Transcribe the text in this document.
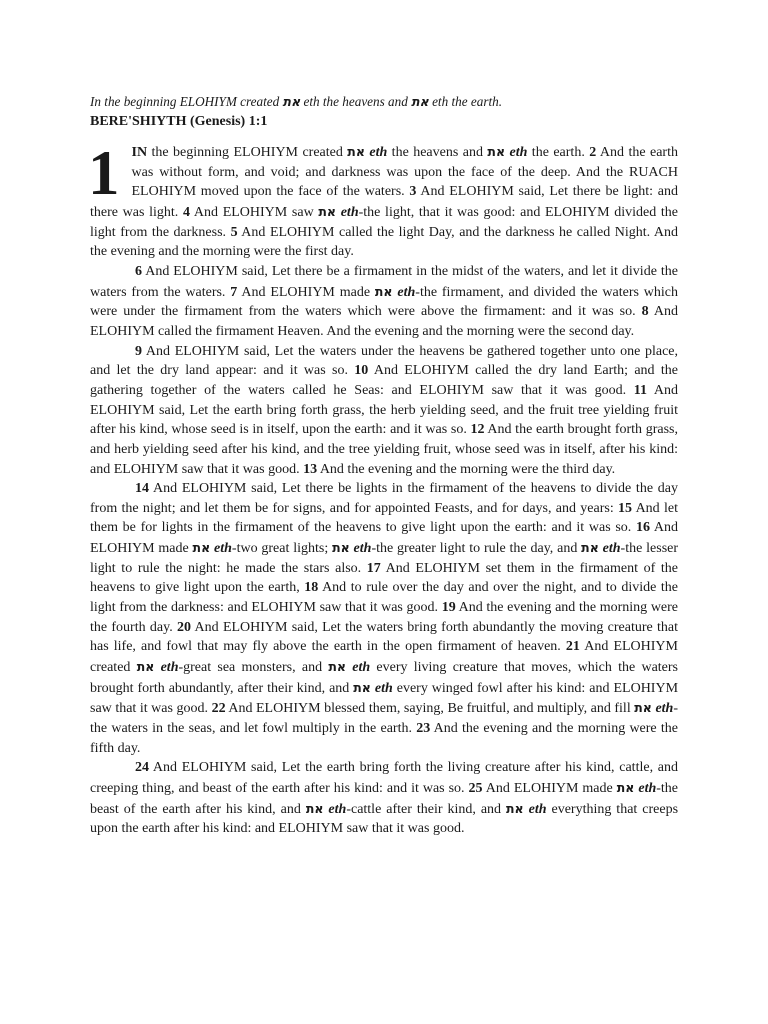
In the beginning ELOHIYM created את eth the heavens and את eth the earth.
BERE'SHIYTH (Genesis) 1:1

1 IN the beginning ELOHIYM created את eth the heavens and את eth the earth. 2 And the earth was without form, and void; and darkness was upon the face of the deep. And the RUACH ELOHIYM moved upon the face of the waters. 3 And ELOHIYM said, Let there be light: and there was light. 4 And ELOHIYM saw את eth-the light, that it was good: and ELOHIYM divided the light from the darkness. 5 And ELOHIYM called the light Day, and the darkness he called Night. And the evening and the morning were the first day.

6 And ELOHIYM said, Let there be a firmament in the midst of the waters, and let it divide the waters from the waters. 7 And ELOHIYM made את eth-the firmament, and divided the waters which were under the firmament from the waters which were above the firmament: and it was so. 8 And ELOHIYM called the firmament Heaven. And the evening and the morning were the second day.

9 And ELOHIYM said, Let the waters under the heavens be gathered together unto one place, and let the dry land appear: and it was so. 10 And ELOHIYM called the dry land Earth; and the gathering together of the waters called he Seas: and ELOHIYM saw that it was good. 11 And ELOHIYM said, Let the earth bring forth grass, the herb yielding seed, and the fruit tree yielding fruit after his kind, whose seed is in itself, upon the earth: and it was so. 12 And the earth brought forth grass, and herb yielding seed after his kind, and the tree yielding fruit, whose seed was in itself, after his kind: and ELOHIYM saw that it was good. 13 And the evening and the morning were the third day.

14 And ELOHIYM said, Let there be lights in the firmament of the heavens to divide the day from the night; and let them be for signs, and for appointed Feasts, and for days, and years: 15 And let them be for lights in the firmament of the heavens to give light upon the earth: and it was so. 16 And ELOHIYM made את eth-two great lights; את eth-the greater light to rule the day, and את eth-the lesser light to rule the night: he made the stars also. 17 And ELOHIYM set them in the firmament of the heavens to give light upon the earth, 18 And to rule over the day and over the night, and to divide the light from the darkness: and ELOHIYM saw that it was good. 19 And the evening and the morning were the fourth day. 20 And ELOHIYM said, Let the waters bring forth abundantly the moving creature that has life, and fowl that may fly above the earth in the open firmament of heaven. 21 And ELOHIYM created את eth-great sea monsters, and את eth every living creature that moves, which the waters brought forth abundantly, after their kind, and את eth every winged fowl after his kind: and ELOHIYM saw that it was good. 22 And ELOHIYM blessed them, saying, Be fruitful, and multiply, and fill את eth-the waters in the seas, and let fowl multiply in the earth. 23 And the evening and the morning were the fifth day.

24 And ELOHIYM said, Let the earth bring forth the living creature after his kind, cattle, and creeping thing, and beast of the earth after his kind: and it was so. 25 And ELOHIYM made את eth-the beast of the earth after his kind, and את eth-cattle after their kind, and את eth everything that creeps upon the earth after his kind: and ELOHIYM saw that it was good.
